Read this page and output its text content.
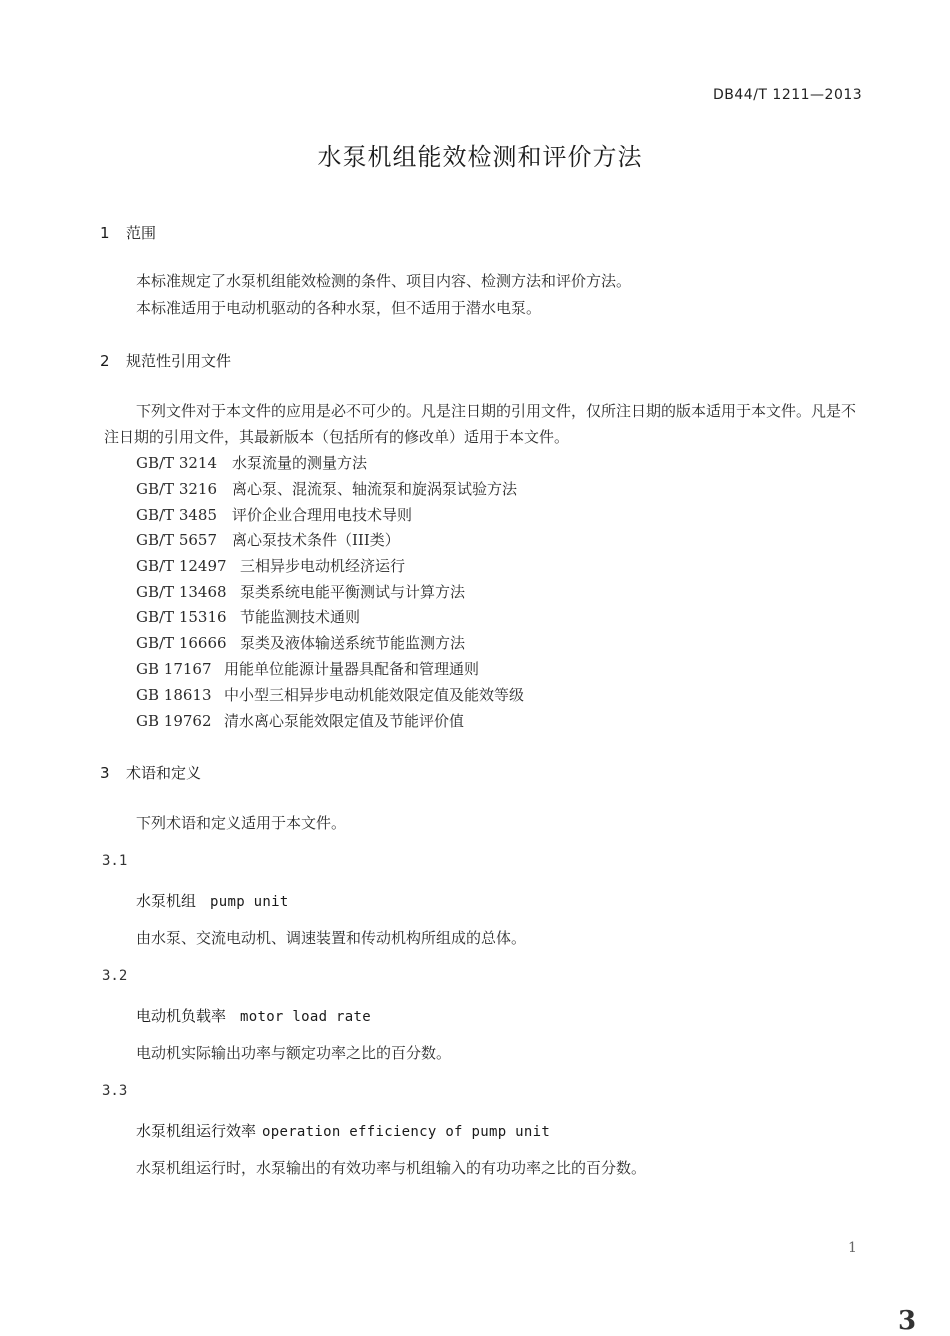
DB44/T 1211—2013
水泵机组能效检测和评价方法
1 范围
本标准规定了水泵机组能效检测的条件、项目内容、检测方法和评价方法。
本标准适用于电动机驱动的各种水泵，但不适用于潜水电泵。
2 规范性引用文件
下列文件对于本文件的应用是必不可少的。凡是注日期的引用文件，仅所注日期的版本适用于本文件。凡是不注日期的引用文件，其最新版本（包括所有的修改单）适用于本文件。
GB/T 3214 水泵流量的测量方法
GB/T 3216 离心泵、混流泵、轴流泵和旋涡泵试验方法
GB/T 3485 评价企业合理用电技术导则
GB/T 5657 离心泵技术条件（III类）
GB/T 12497 三相异步电动机经济运行
GB/T 13468 泵类系统电能平衡测试与计算方法
GB/T 15316 节能监测技术通则
GB/T 16666 泵类及液体输送系统节能监测方法
GB 17167 用能单位能源计量器具配备和管理通则
GB 18613 中小型三相异步电动机能效限定值及能效等级
GB 19762 清水离心泵能效限定值及节能评价值
3 术语和定义
下列术语和定义适用于本文件。
3.1
水泵机组 pump unit
由水泵、交流电动机、调速装置和传动机构所组成的总体。
3.2
电动机负载率 motor load rate
电动机实际输出功率与额定功率之比的百分数。
3.3
水泵机组运行效率 operation efficiency of pump unit
水泵机组运行时，水泵输出的有效功率与机组输入的有功功率之比的百分数。
1
3
